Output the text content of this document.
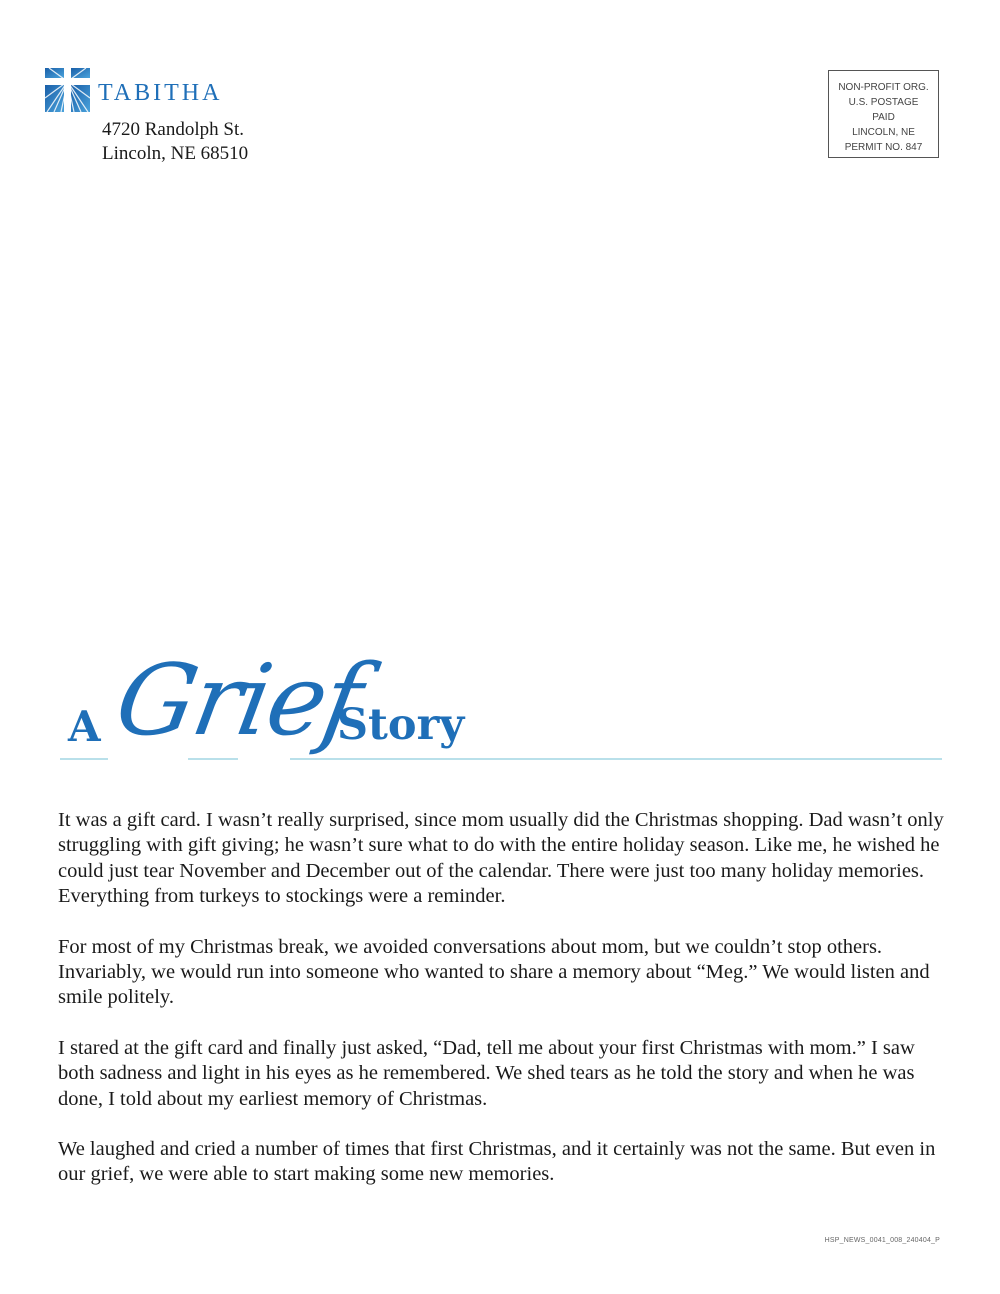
TABITHA
4720 Randolph St.
Lincoln, NE 68510
NON-PROFIT ORG.
U.S. POSTAGE
PAID
LINCOLN, NE
PERMIT NO. 847
A Grief
Story

It was a gift card. I wasn’t really surprised, since mom usually did the Christmas shopping. Dad wasn’t only struggling with gift giving; he wasn’t sure what to do with the entire holiday season. Like me, he wished he could just tear November and December out of the calendar. There were just too many holiday memories. Everything from turkeys to stockings were a reminder.

For most of my Christmas break, we avoided conversations about mom, but we couldn’t stop others. Invariably, we would run into someone who wanted to share a memory about “Meg.” We would listen and smile politely.

I stared at the gift card and finally just asked, “Dad, tell me about your first Christmas with mom.” I saw both sadness and light in his eyes as he remembered. We shed tears as he told the story and when he was done, I told about my earliest memory of Christmas.

We laughed and cried a number of times that first Christmas, and it certainly was not the same. But even in our grief, we were able to start making some new memories.

HSP_NEWS_0041_008_240404_P
